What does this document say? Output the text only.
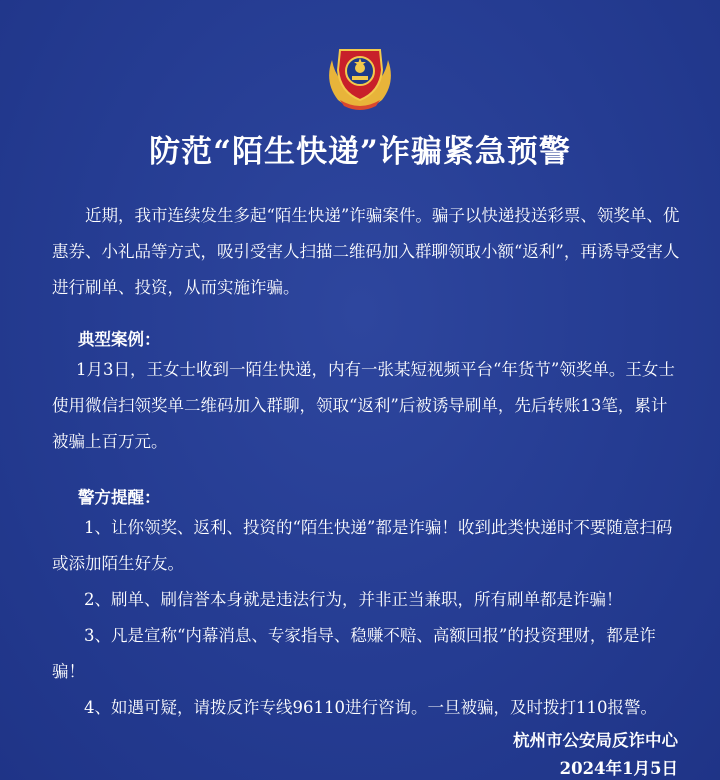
防范“陌生快递”诈骗紧急预警

近期，我市连续发生多起“陌生快递”诈骗案件。骗子以快递投送彩票、领奖单、优惠券、小礼品等方式，吸引受害人扫描二维码加入群聊领取小额“返利”，再诱导受害人进行刷单、投资，从而实施诈骗。

典型案例：

1月3日，王女士收到一陌生快递，内有一张某短视频平台“年货节”领奖单。王女士使用微信扫领奖单二维码加入群聊，领取“返利”后被诱导刷单，先后转账13笔，累计被骗上百万元。

警方提醒：

1、让你领奖、返利、投资的“陌生快递”都是诈骗！收到此类快递时不要随意扫码或添加陌生好友。

2、刷单、刷信誉本身就是违法行为，并非正当兼职，所有刷单都是诈骗！

3、凡是宣称“内幕消息、专家指导、稳赚不赔、高额回报”的投资理财，都是诈骗！

4、如遇可疑，请拨反诈专线96110进行咨询。一旦被骗，及时拨打110报警。

杭州市公安局反诈中心
2024年1月5日
